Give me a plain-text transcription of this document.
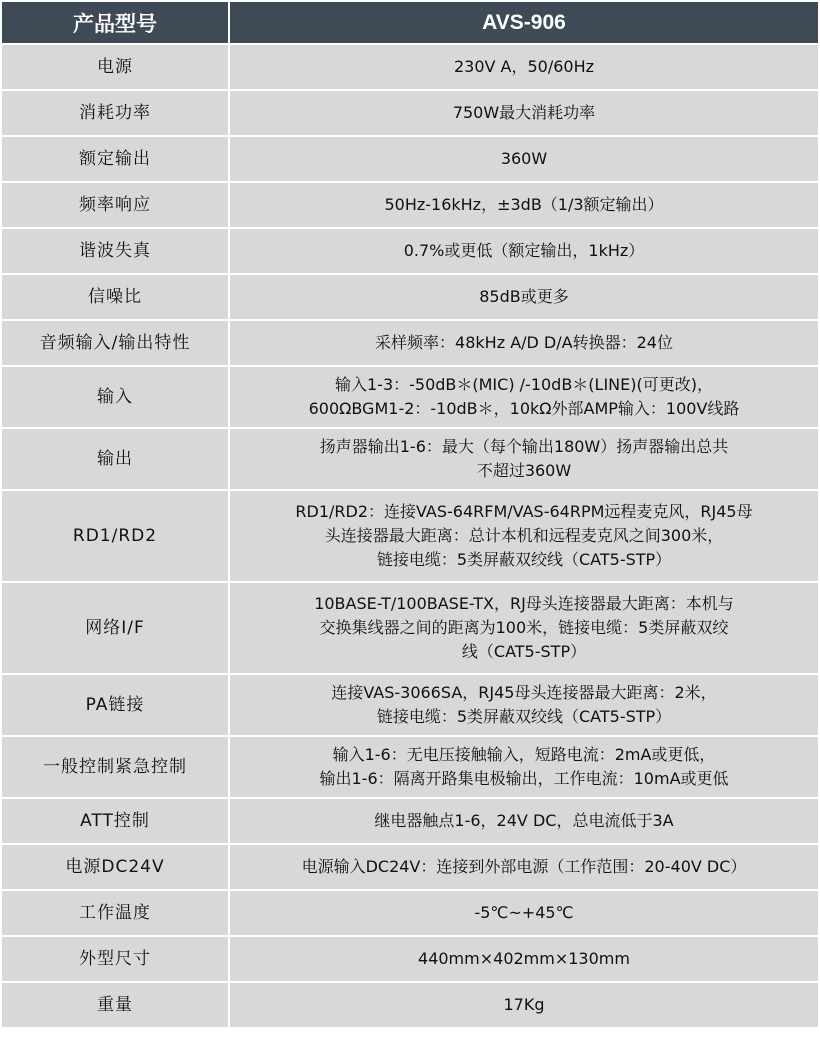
产品型号	AVS-906
电源	230V A，50/60Hz
消耗功率	750W最大消耗功率
额定输出	360W
频率响应	50Hz-16kHz，±3dB（1/3额定输出）
谐波失真	0.7%或更低（额定输出，1kHz）
信噪比	85dB或更多
音频输入/输出特性	采样频率：48kHz A/D D/A转换器：24位
输入	输入1-3：-50dB＊(MIC) /-10dB＊(LINE)(可更改)，
600ΩBGM1-2：-10dB＊，10kΩ外部AMP输入：100V线路

输出	扬声器输出1-6：最大（每个输出180W）扬声器输出总共
不超过360W

RD1/RD2	RD1/RD2：连接VAS-64RFM/VAS-64RPM远程麦克风，RJ45母
头连接器最大距离：总计本机和远程麦克风之间300米，
链接电缆：5类屏蔽双绞线（CAT5-STP）

网络I/F	10BASE-T/100BASE-TX，RJ母头连接器最大距离：本机与
交换集线器之间的距离为100米，链接电缆：5类屏蔽双绞
线（CAT5-STP）

PA链接	连接VAS-3066SA，RJ45母头连接器最大距离：2米，
链接电缆：5类屏蔽双绞线（CAT5-STP）

一般控制紧急控制	输入1-6：无电压接触输入，短路电流：2mA或更低，
输出1-6：隔离开路集电极输出，工作电流：10mA或更低

ATT控制	继电器触点1-6，24V DC，总电流低于3A
电源DC24V	电源输入DC24V：连接到外部电源（工作范围：20-40V DC）
工作温度	-5℃~+45℃
外型尺寸	440mm×402mm×130mm
重量	17Kg
